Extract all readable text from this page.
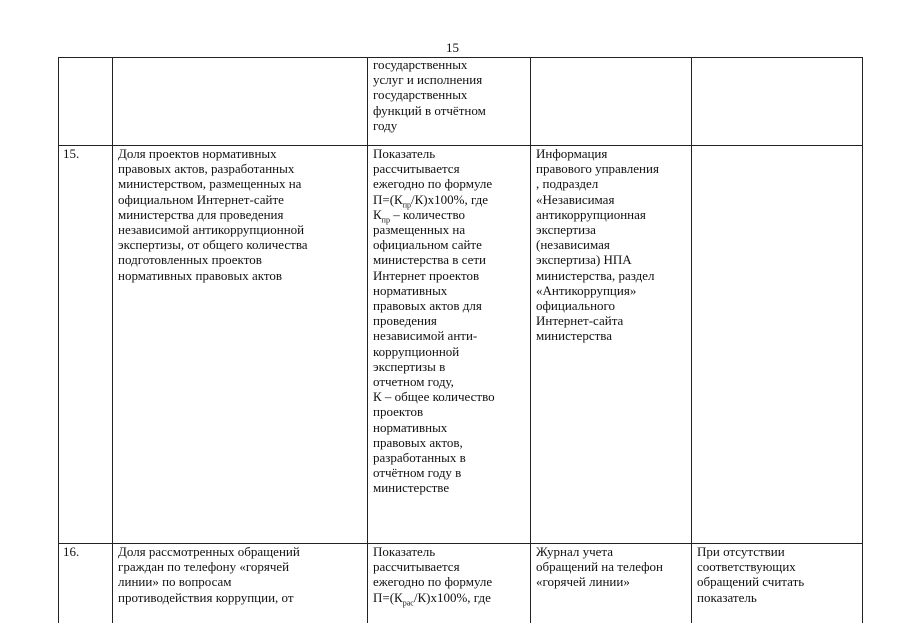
15
государственных
услуг и исполнения
государственных
функций в отчётном
году
15.	Доля проектов нормативных
правовых актов, разработанных
министерством, размещенных на
официальном Интернет-сайте
министерства для проведения
независимой антикоррупционной
экспертизы, от общего количества
подготовленных проектов
нормативных правовых актов
Показатель
рассчитывается
ежегодно по формуле
$П=(К_{пр}/К)х100\%$, где
$К_{пр}$ – количество
размещенных на
официальном сайте
министерства в сети
Интернет проектов
нормативных
правовых актов для
проведения
независимой анти-
коррупционной
экспертизы в
отчетном году,
К – общее количество
проектов
нормативных
правовых актов,
разработанных в
отчётном году в
министерстве
Информация
правового управления
, подраздел
«Независимая
антикоррупционная
экспертиза
(независимая
экспертиза) НПА
министерства, раздел
«Антикоррупция»
официального
Интернет-сайта
министерства
16.	Доля рассмотренных обращений
граждан по телефону «горячей
линии» по вопросам
противодействия коррупции, от
Показатель
рассчитывается
ежегодно по формуле
$П=(К_{рас}/К)х100\%$, где
Журнал учета
обращений на телефон
«горячей линии»
При отсутствии
соответствующих
обращений считать
показатель
